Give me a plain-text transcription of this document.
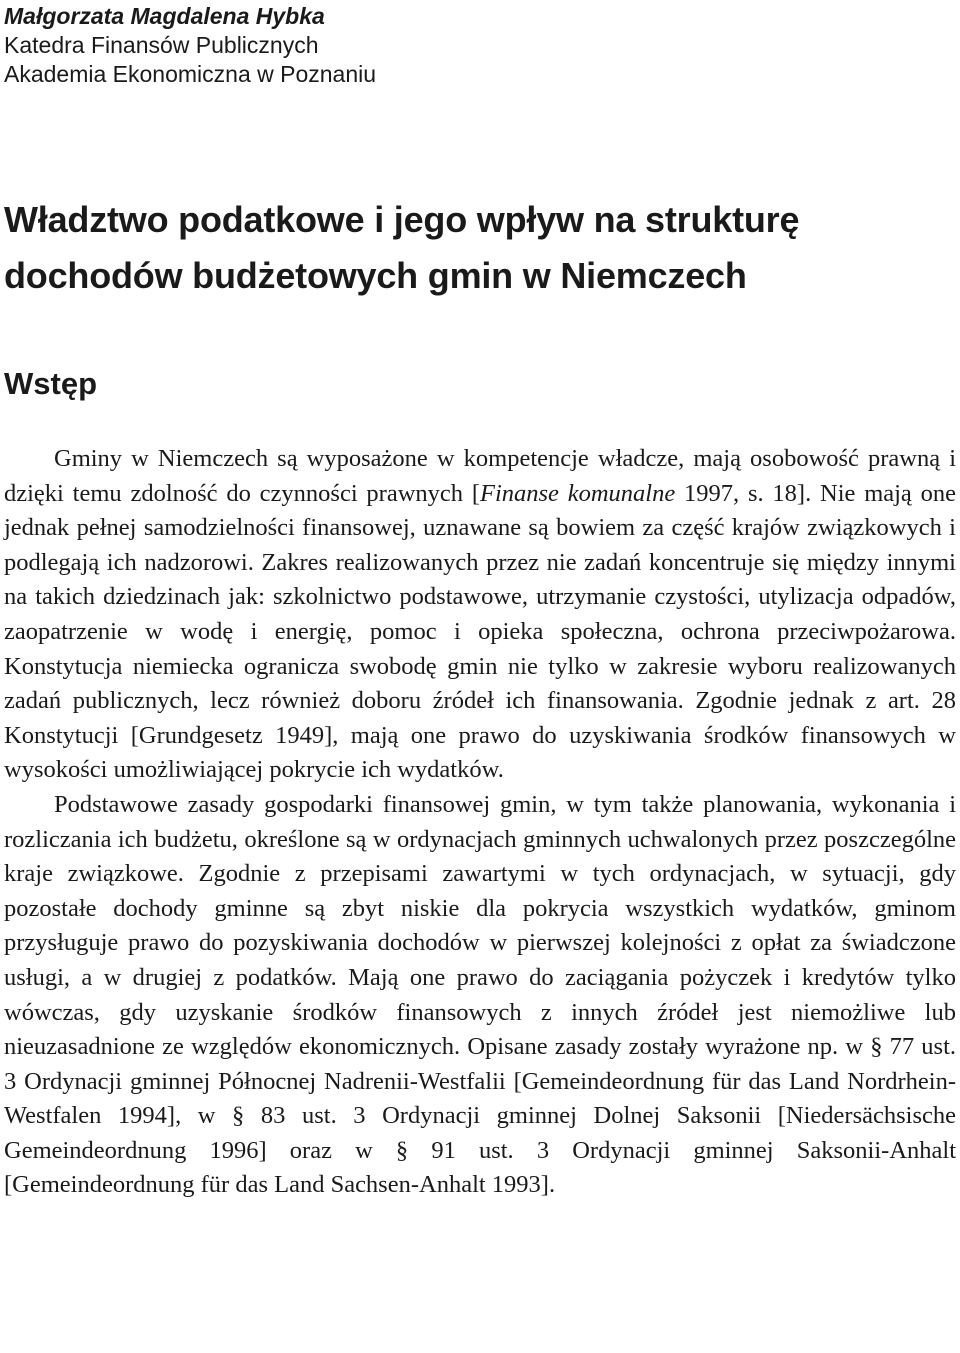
Małgorzata Magdalena Hybka
Katedra Finansów Publicznych
Akademia Ekonomiczna w Poznaniu
Władztwo podatkowe i jego wpływ na strukturę
dochodów budżetowych gmin w Niemczech
Wstęp

Gminy w Niemczech są wyposażone w kompetencje władcze, mają osobowość prawną i dzięki temu zdolność do czynności prawnych [Finanse komunalne 1997, s. 18]. Nie mają one jednak pełnej samodzielności finansowej, uznawane są bowiem za część krajów związkowych i podlegają ich nadzorowi. Zakres realizowanych przez nie zadań koncentruje się między innymi na takich dziedzinach jak: szkolnictwo podstawowe, utrzymanie czystości, utylizacja odpadów, zaopatrzenie w wodę i energię, pomoc i opieka społeczna, ochrona przeciwpożarowa. Konstytucja niemiecka ogranicza swobodę gmin nie tylko w zakresie wyboru realizowanych zadań publicznych, lecz również doboru źródeł ich finansowania. Zgodnie jednak z art. 28 Konstytucji [Grundgesetz 1949], mają one prawo do uzyskiwania środków finansowych w wysokości umożliwiającej pokrycie ich wydatków.

Podstawowe zasady gospodarki finansowej gmin, w tym także planowania, wykonania i rozliczania ich budżetu, określone są w ordynacjach gminnych uchwalonych przez poszczególne kraje związkowe. Zgodnie z przepisami zawartymi w tych ordynacjach, w sytuacji, gdy pozostałe dochody gminne są zbyt niskie dla pokrycia wszystkich wydatków, gminom przysługuje prawo do pozyskiwania dochodów w pierwszej kolejności z opłat za świadczone usługi, a w drugiej z podatków. Mają one prawo do zaciągania pożyczek i kredytów tylko wówczas, gdy uzyskanie środków finansowych z innych źródeł jest niemożliwe lub nieuzasadnione ze względów ekonomicznych. Opisane zasady zostały wyrażone np. w § 77 ust. 3 Ordynacji gminnej Północnej Nadrenii-Westfalii [Gemeindeordnung für das Land Nordrhein-Westfalen 1994], w § 83 ust. 3 Ordynacji gminnej Dolnej Saksonii [Niedersächsische Gemeindeordnung 1996] oraz w § 91 ust. 3 Ordynacji gminnej Saksonii-Anhalt [Gemeindeordnung für das Land Sachsen-Anhalt 1993].
